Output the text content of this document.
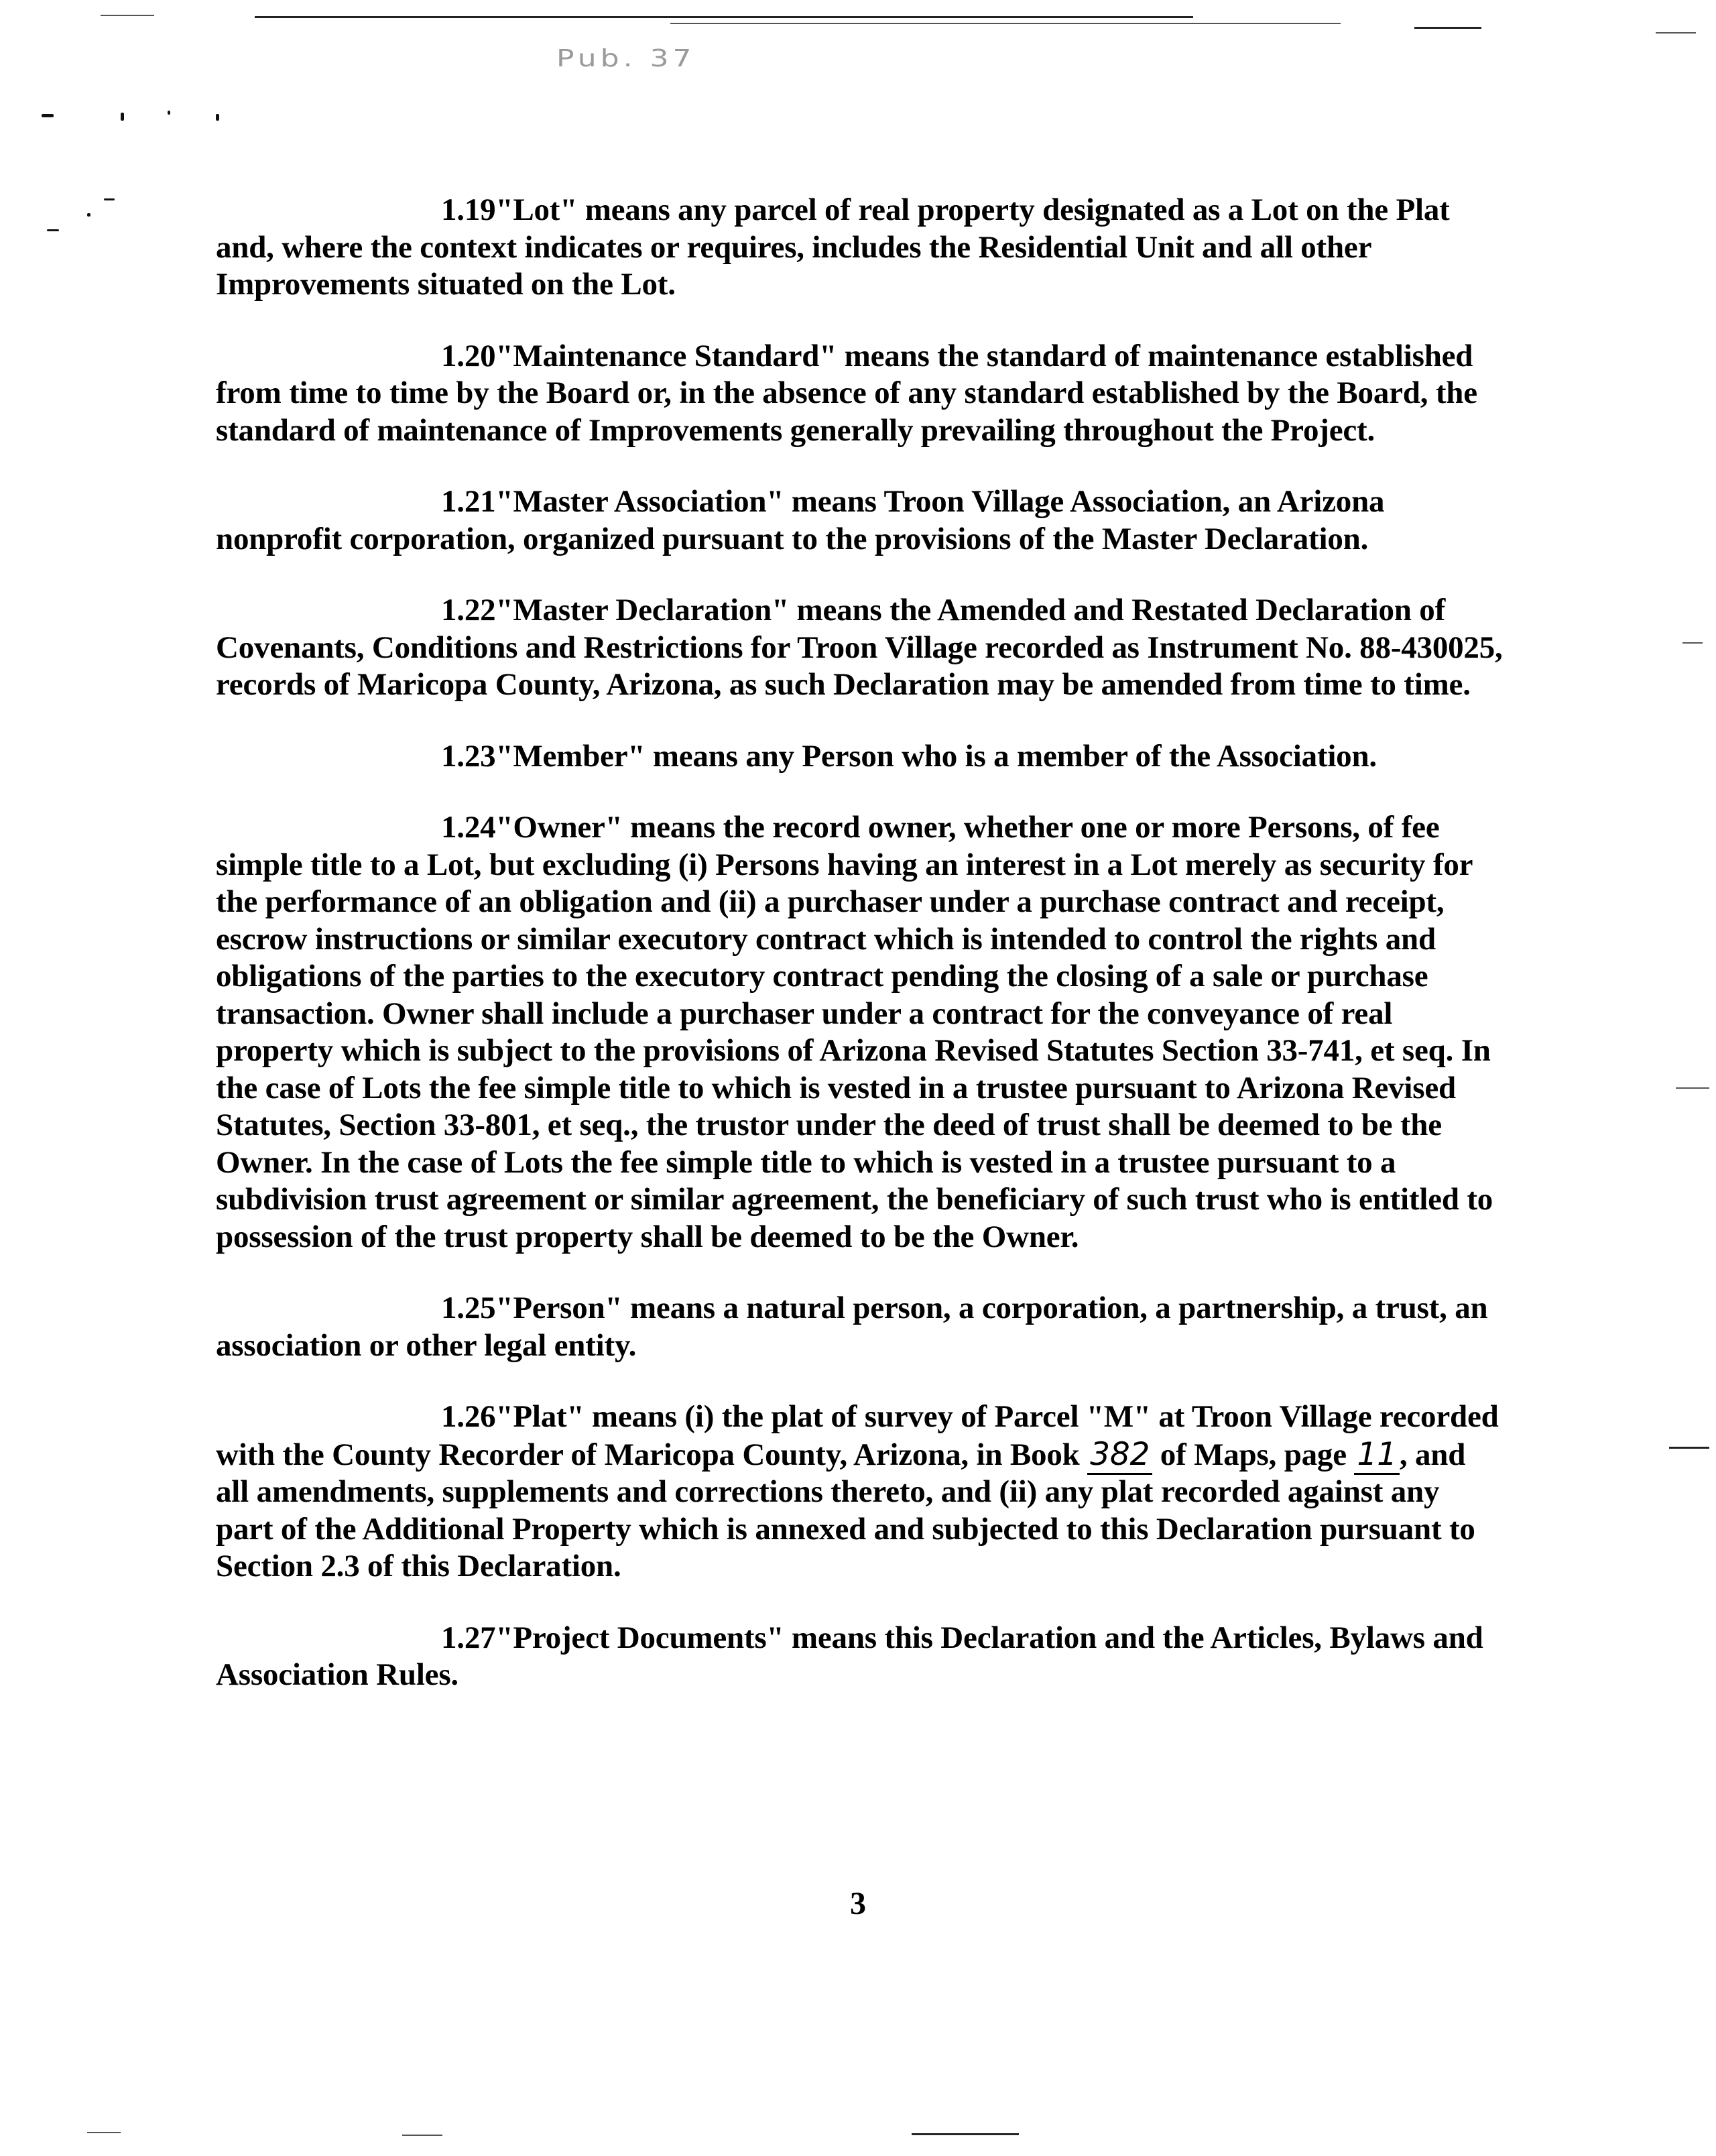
Pub. 37

1.19"Lot" means any parcel of real property designated as a Lot on the Plat and, where the context indicates or requires, includes the Residential Unit and all other Improvements situated on the Lot.

1.20"Maintenance Standard" means the standard of maintenance established from time to time by the Board or, in the absence of any standard established by the Board, the standard of maintenance of Improvements generally prevailing throughout the Project.

1.21"Master Association" means Troon Village Association, an Arizona nonprofit corporation, organized pursuant to the provisions of the Master Declaration.

1.22"Master Declaration" means the Amended and Restated Declaration of Covenants, Conditions and Restrictions for Troon Village recorded as Instrument No. 88-430025, records of Maricopa County, Arizona, as such Declaration may be amended from time to time.

1.23"Member" means any Person who is a member of the Association.

1.24"Owner" means the record owner, whether one or more Persons, of fee simple title to a Lot, but excluding (i) Persons having an interest in a Lot merely as security for the performance of an obligation and (ii) a purchaser under a purchase contract and receipt, escrow instructions or similar executory contract which is intended to control the rights and obligations of the parties to the executory contract pending the closing of a sale or purchase transaction. Owner shall include a purchaser under a contract for the conveyance of real property which is subject to the provisions of Arizona Revised Statutes Section 33-741, et seq. In the case of Lots the fee simple title to which is vested in a trustee pursuant to Arizona Revised Statutes, Section 33-801, et seq., the trustor under the deed of trust shall be deemed to be the Owner. In the case of Lots the fee simple title to which is vested in a trustee pursuant to a subdivision trust agreement or similar agreement, the beneficiary of such trust who is entitled to possession of the trust property shall be deemed to be the Owner.

1.25"Person" means a natural person, a corporation, a partnership, a trust, an association or other legal entity.

1.26"Plat" means (i) the plat of survey of Parcel "M" at Troon Village recorded with the County Recorder of Maricopa County, Arizona, in Book 382 of Maps, page 11, and all amendments, supplements and corrections thereto, and (ii) any plat recorded against any part of the Additional Property which is annexed and subjected to this Declaration pursuant to Section 2.3 of this Declaration.

1.27"Project Documents" means this Declaration and the Articles, Bylaws and Association Rules.

3
